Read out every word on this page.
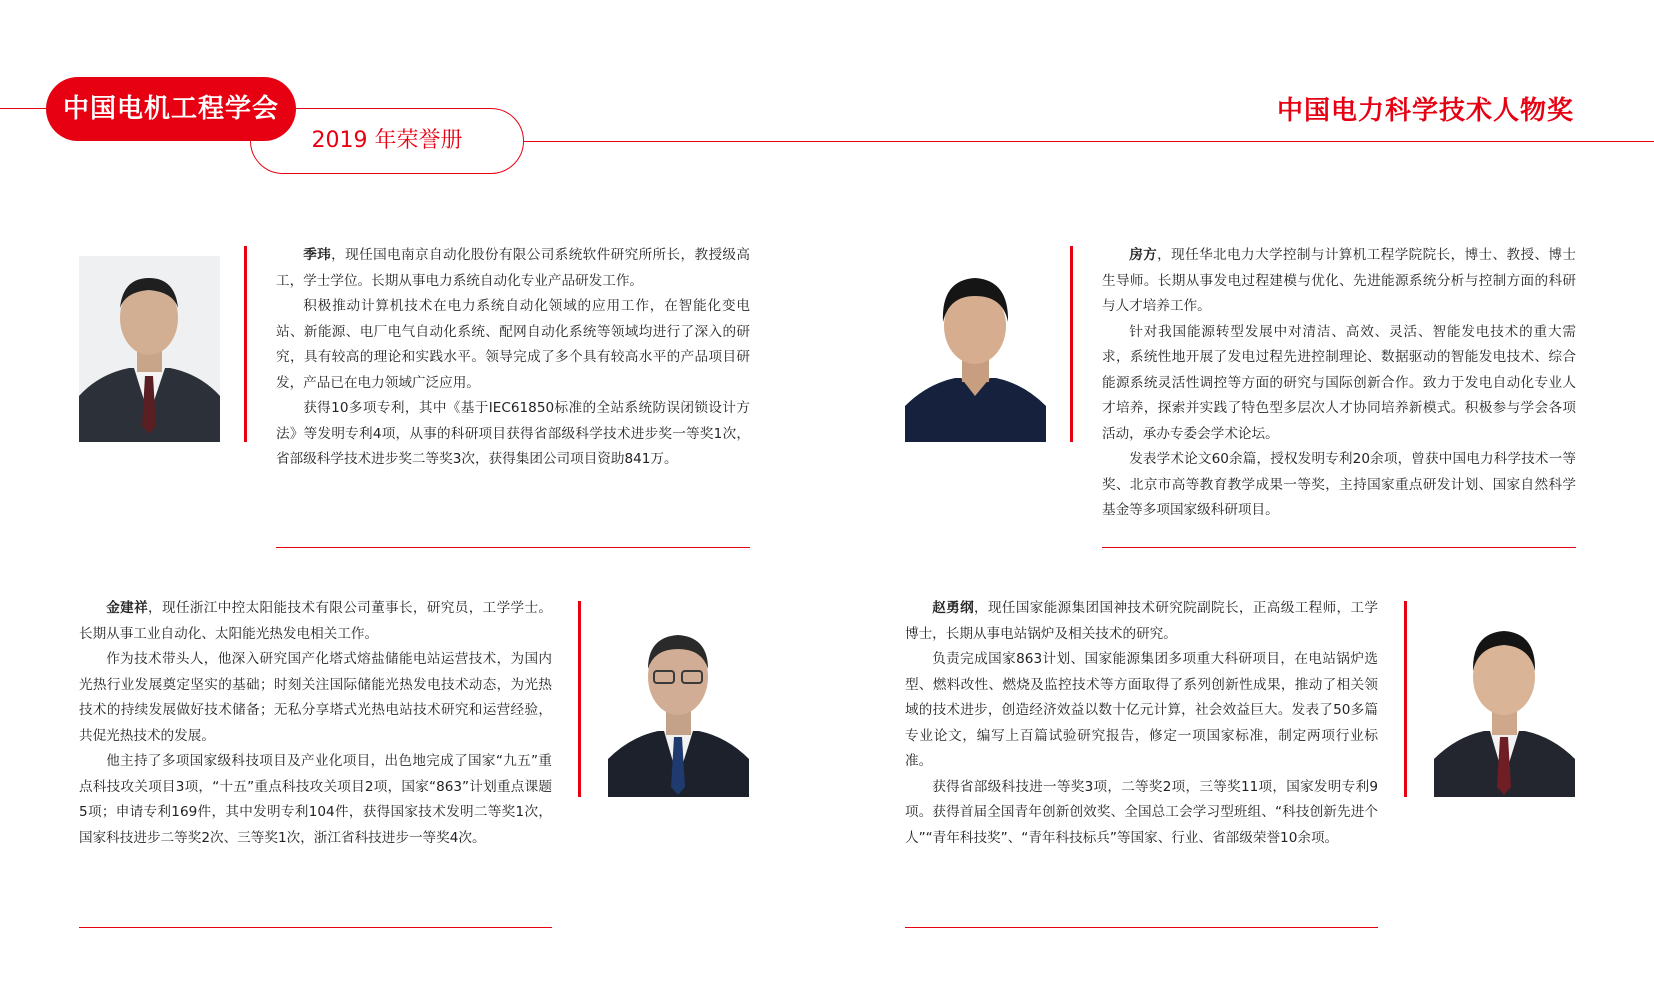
中国电机工程学会
2019 年荣誉册
中国电力科学技术人物奖

季玮，现任国电南京自动化股份有限公司系统软件研究所所长，教授级高工，学士学位。长期从事电力系统自动化专业产品研发工作。

积极推动计算机技术在电力系统自动化领域的应用工作，在智能化变电站、新能源、电厂电气自动化系统、配网自动化系统等领域均进行了深入的研究，具有较高的理论和实践水平。领导完成了多个具有较高水平的产品项目研发，产品已在电力领域广泛应用。

获得10多项专利，其中《基于IEC61850标准的全站系统防误闭锁设计方法》等发明专利4项，从事的科研项目获得省部级科学技术进步奖一等奖1次，省部级科学技术进步奖二等奖3次，获得集团公司项目资助841万。

房方，现任华北电力大学控制与计算机工程学院院长，博士、教授、博士生导师。长期从事发电过程建模与优化、先进能源系统分析与控制方面的科研与人才培养工作。

针对我国能源转型发展中对清洁、高效、灵活、智能发电技术的重大需求，系统性地开展了发电过程先进控制理论、数据驱动的智能发电技术、综合能源系统灵活性调控等方面的研究与国际创新合作。致力于发电自动化专业人才培养，探索并实践了特色型多层次人才协同培养新模式。积极参与学会各项活动，承办专委会学术论坛。

发表学术论文60余篇，授权发明专利20余项，曾获中国电力科学技术一等奖、北京市高等教育教学成果一等奖，主持国家重点研发计划、国家自然科学基金等多项国家级科研项目。

金建祥，现任浙江中控太阳能技术有限公司董事长，研究员，工学学士。长期从事工业自动化、太阳能光热发电相关工作。

作为技术带头人，他深入研究国产化塔式熔盐储能电站运营技术，为国内光热行业发展奠定坚实的基础；时刻关注国际储能光热发电技术动态，为光热技术的持续发展做好技术储备；无私分享塔式光热电站技术研究和运营经验，共促光热技术的发展。

他主持了多项国家级科技项目及产业化项目，出色地完成了国家“九五”重点科技攻关项目3项，“十五”重点科技攻关项目2项，国家“863”计划重点课题5项；申请专利169件，其中发明专利104件，获得国家技术发明二等奖1次，国家科技进步二等奖2次、三等奖1次，浙江省科技进步一等奖4次。

赵勇纲，现任国家能源集团国神技术研究院副院长，正高级工程师，工学博士，长期从事电站锅炉及相关技术的研究。

负责完成国家863计划、国家能源集团多项重大科研项目，在电站锅炉选型、燃料改性、燃烧及监控技术等方面取得了系列创新性成果，推动了相关领域的技术进步，创造经济效益以数十亿元计算，社会效益巨大。发表了50多篇专业论文，编写上百篇试验研究报告，修定一项国家标准，制定两项行业标准。

获得省部级科技进一等奖3项，二等奖2项，三等奖11项，国家发明专利9项。获得首届全国青年创新创效奖、全国总工会学习型班组、“科技创新先进个人”“青年科技奖”、“青年科技标兵”等国家、行业、省部级荣誉10余项。
